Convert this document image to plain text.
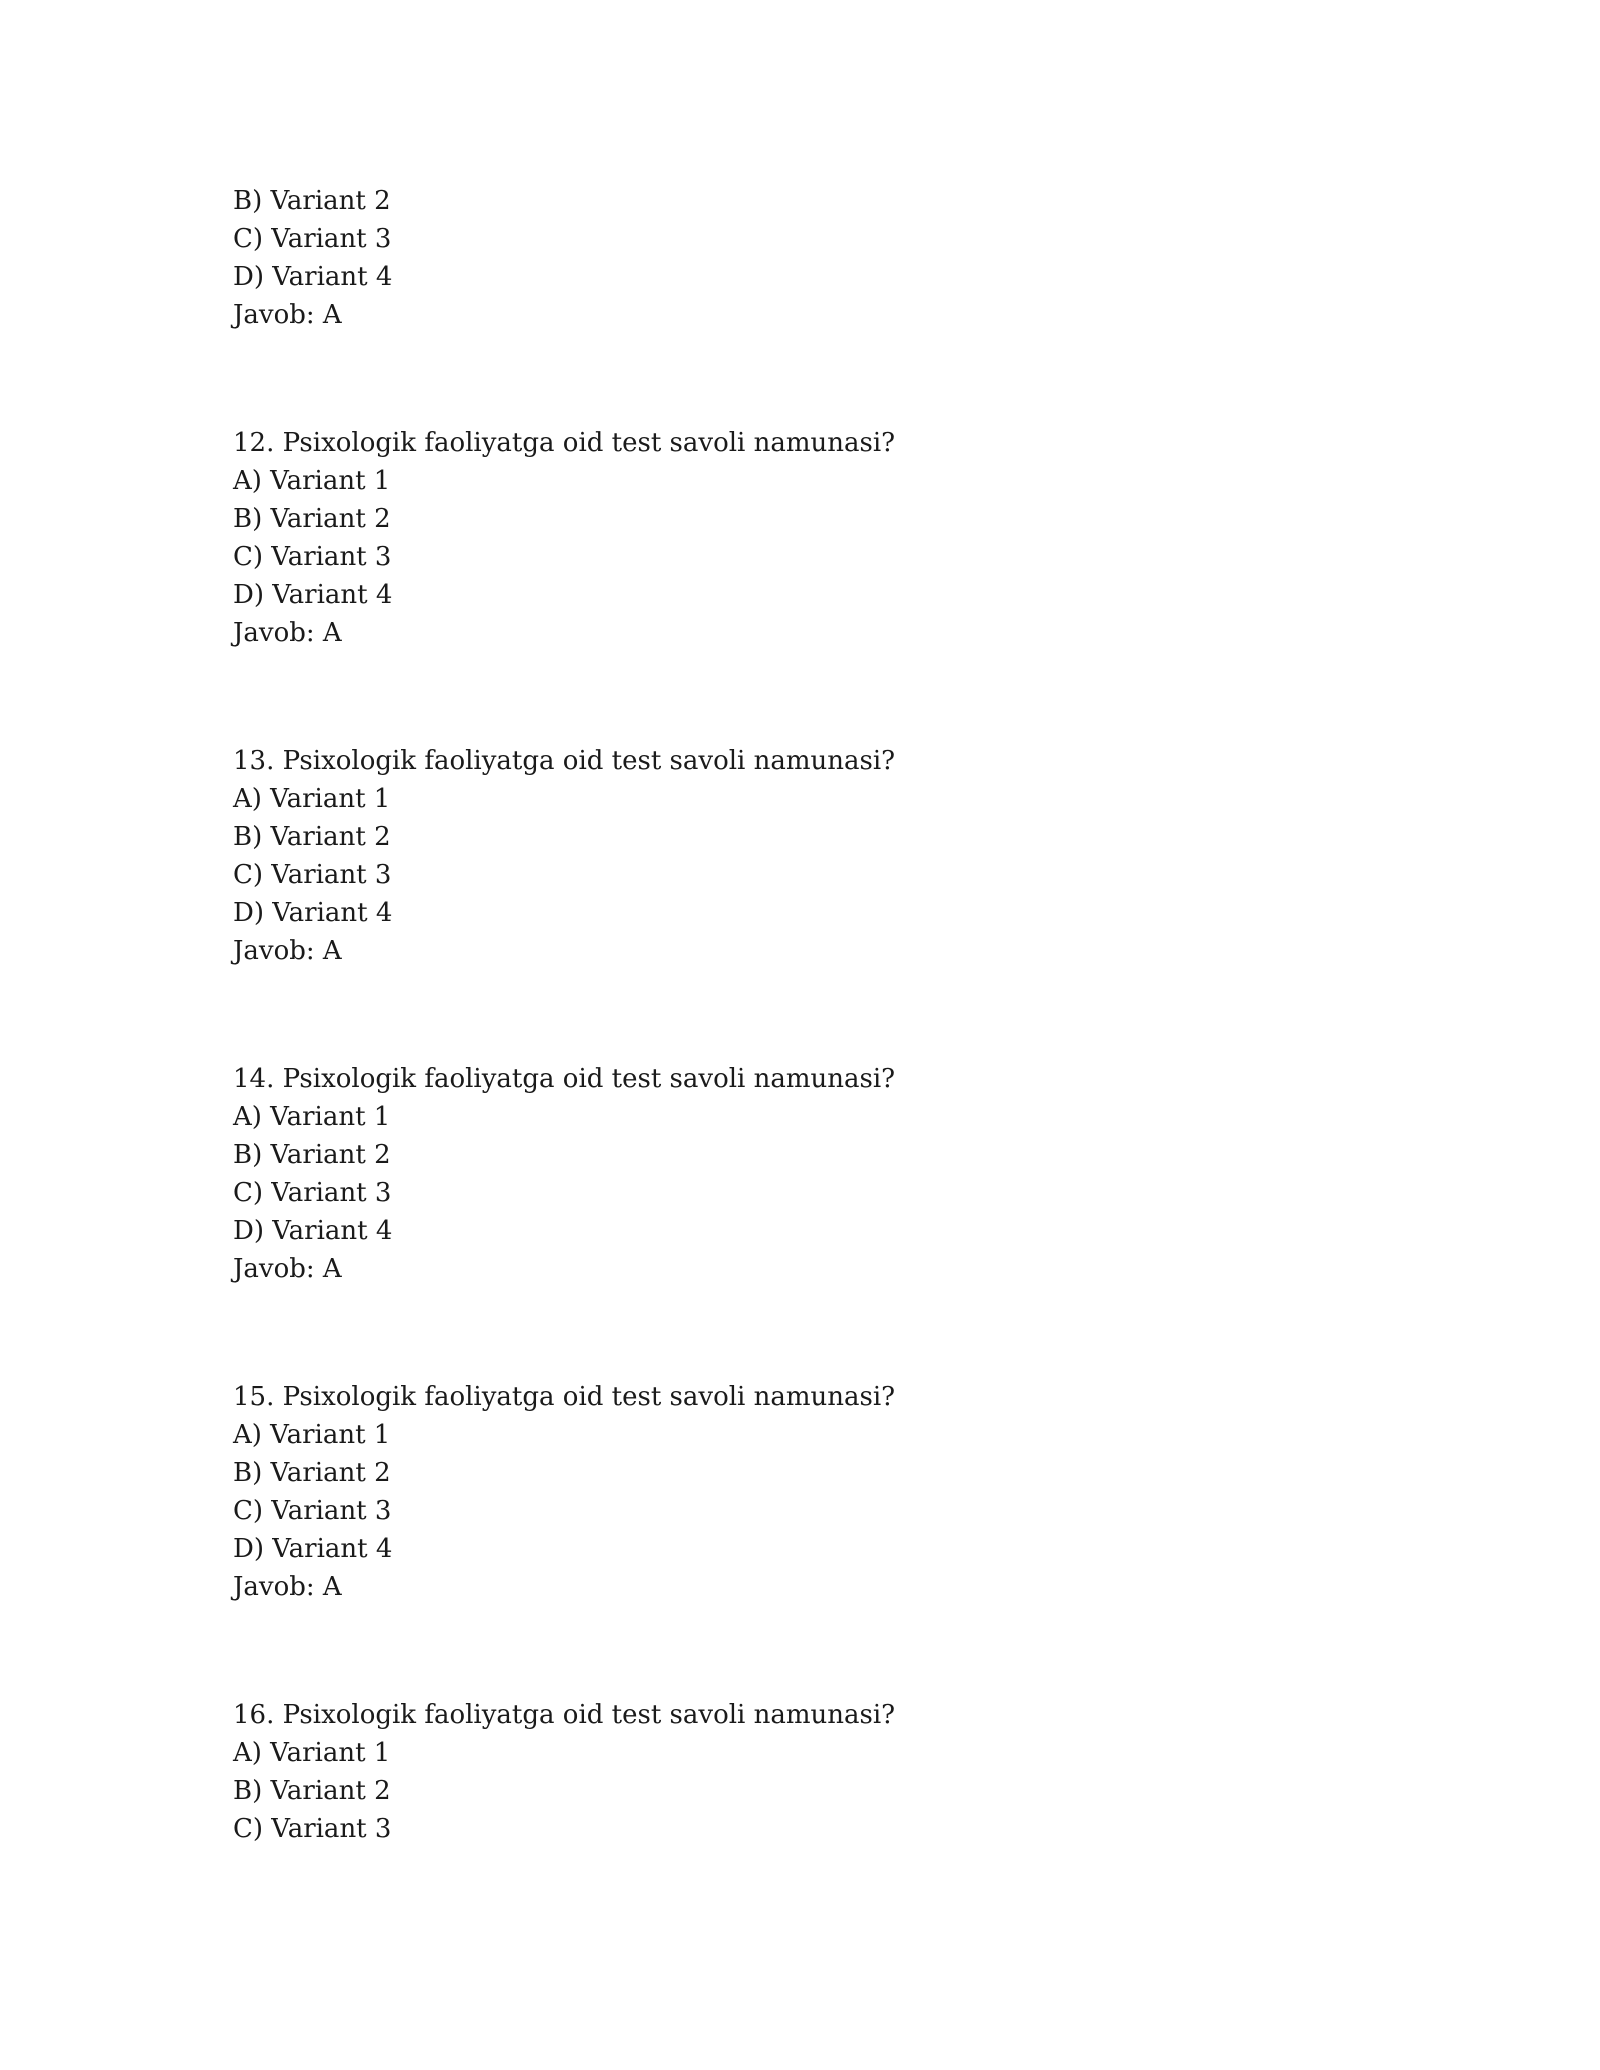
B) Variant 2
C) Variant 3
D) Variant 4
Javob: A
12. Psixologik faoliyatga oid test savoli namunasi?
A) Variant 1
B) Variant 2
C) Variant 3
D) Variant 4
Javob: A
13. Psixologik faoliyatga oid test savoli namunasi?
A) Variant 1
B) Variant 2
C) Variant 3
D) Variant 4
Javob: A
14. Psixologik faoliyatga oid test savoli namunasi?
A) Variant 1
B) Variant 2
C) Variant 3
D) Variant 4
Javob: A
15. Psixologik faoliyatga oid test savoli namunasi?
A) Variant 1
B) Variant 2
C) Variant 3
D) Variant 4
Javob: A
16. Psixologik faoliyatga oid test savoli namunasi?
A) Variant 1
B) Variant 2
C) Variant 3
